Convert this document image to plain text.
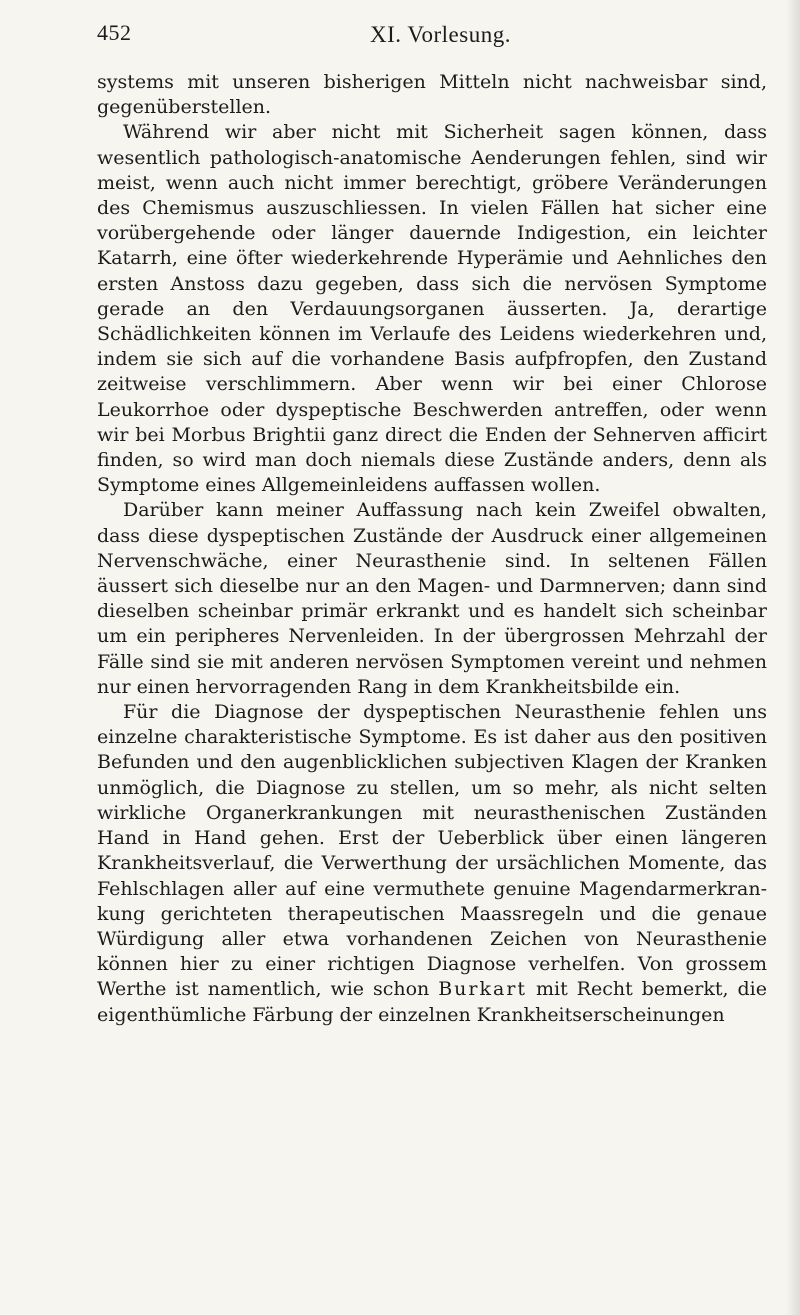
452	XI. Vorlesung.

systems mit unseren bisherigen Mitteln nicht nachweisbar sind, gegenüberstellen.

Während wir aber nicht mit Sicherheit sagen können, dass wesentlich pathologisch-anatomische Aenderungen fehlen, sind wir meist, wenn auch nicht immer berechtigt, gröbere Veränderungen des Chemismus auszuschliessen. In vielen Fällen hat sicher eine vorübergehende oder länger dauernde Indigestion, ein leichter Katarrh, eine öfter wiederkehrende Hyperämie und Aehnliches den ersten Anstoss dazu gegeben, dass sich die nervösen Symptome gerade an den Verdauungsorganen äusserten. Ja, derartige Schädlichkeiten können im Verlaufe des Leidens wiederkehren und, indem sie sich auf die vorhandene Basis aufpfropfen, den Zustand zeitweise verschlimmern. Aber wenn wir bei einer Chlorose Leukorrhoe oder dyspeptische Beschwerden antreffen, oder wenn wir bei Morbus Brightii ganz direct die Enden der Sehnerven afficirt finden, so wird man doch niemals diese Zustände anders, denn als Symptome eines Allgemeinleidens auffassen wollen.

Darüber kann meiner Auffassung nach kein Zweifel obwalten, dass diese dyspeptischen Zustände der Ausdruck einer allgemeinen Nervenschwäche, einer Neurasthenie sind. In seltenen Fällen äussert sich dieselbe nur an den Magen- und Darmnerven; dann sind dieselben scheinbar primär erkrankt und es handelt sich scheinbar um ein peripheres Nervenleiden. In der übergrossen Mehrzahl der Fälle sind sie mit anderen nervösen Symptomen vereint und nehmen nur einen hervorragenden Rang in dem Krankheitsbilde ein.

Für die Diagnose der dyspeptischen Neurasthenie fehlen uns einzelne charakteristische Symptome. Es ist daher aus den positiven Befunden und den augenblicklichen subjectiven Klagen der Kranken unmöglich, die Diagnose zu stellen, um so mehr, als nicht selten wirkliche Organerkrankungen mit neurasthenischen Zuständen Hand in Hand gehen. Erst der Ueberblick über einen längeren Krankheitsverlauf, die Verwerthung der ursächlichen Momente, das Fehlschlagen aller auf eine vermuthete genuine Magendarmerkrankung gerichteten therapeutischen Maassregeln und die genaue Würdigung aller etwa vorhandenen Zeichen von Neurasthenie können hier zu einer richtigen Diagnose verhelfen. Von grossem Werthe ist namentlich, wie schon Burkart mit Recht bemerkt, die eigenthümliche Färbung der einzelnen Krankheitserscheinungen
